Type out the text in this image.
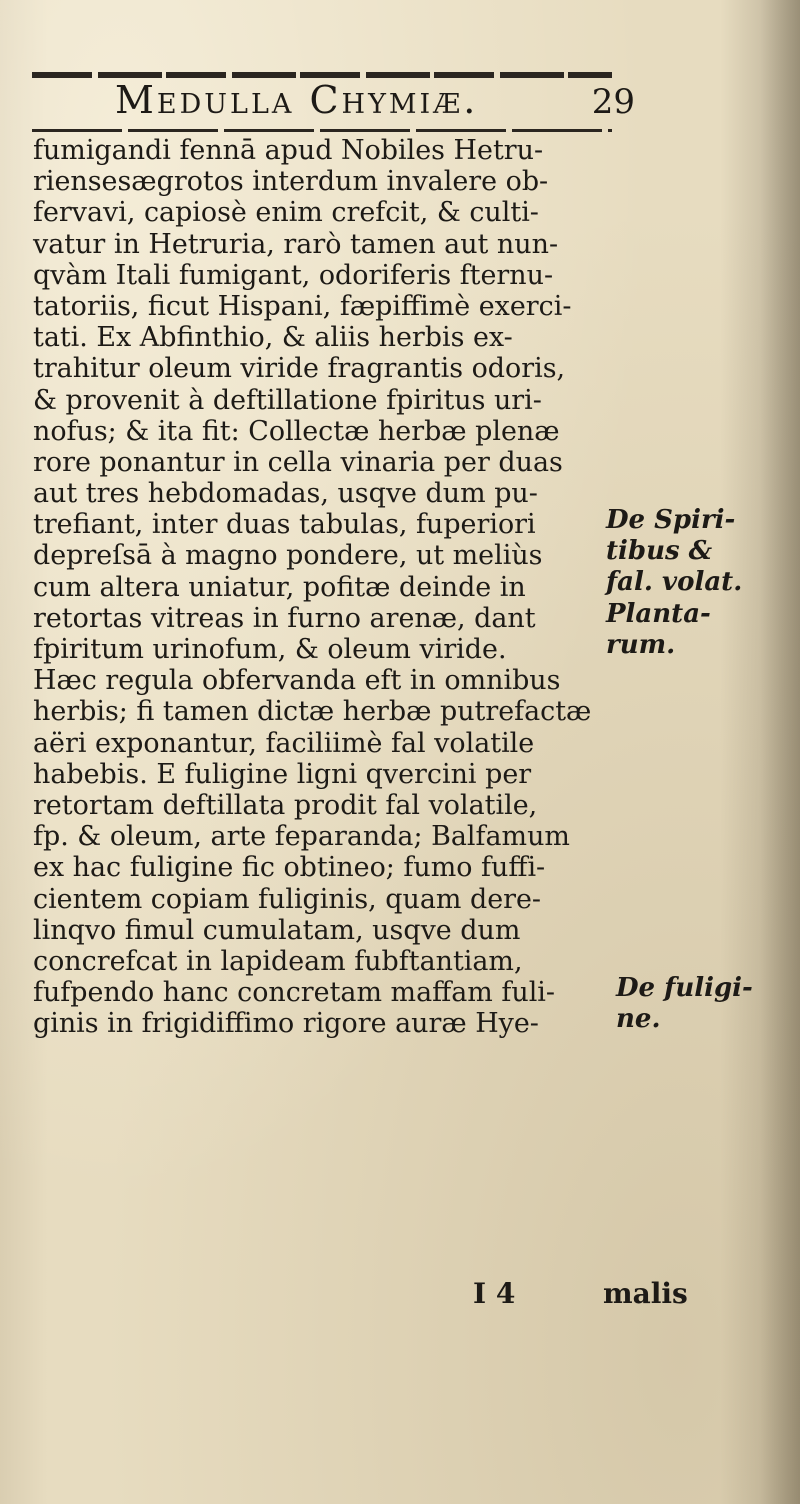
Medulla Chymiæ.	29
fumigandi fennā apud Nobiles Hetru-
riensesægrotos interdum invalere ob-
fervavi, capiosè enim crefcit, & culti-
vatur in Hetruria, rarò tamen aut nun-
qvàm Itali fumigant, odoriferis fternu-
tatoriis, ficut Hispani, fæpiffimè exerci-
tati. Ex Abfinthio, & aliis herbis ex-
trahitur oleum viride fragrantis odoris,
& provenit à deftillatione fpiritus uri-
nofus; & ita fit: Collectæ herbæ plenæ
rore ponantur in cella vinaria per duas
aut tres hebdomadas, usqve dum pu-
trefiant, inter duas tabulas, fuperiori
depreſsā à magno pondere, ut meliùs
cum altera uniatur, pofitæ deinde in
retortas vitreas in furno arenæ, dant
fpiritum urinofum, & oleum viride.
Hæc regula obfervanda eft in omnibus
herbis; fi tamen dictæ herbæ putrefactæ
aëri exponantur, faciliimè fal volatile
habebis. E fuligine ligni qvercini per
retortam deftillata prodit fal volatile,
fp. & oleum, arte feparanda; Balfamum
ex hac fuligine fic obtineo; fumo fuffi-
cientem copiam fuliginis, quam dere-
linqvo fimul cumulatam, usqve dum
concrefcat in lapideam fubftantiam,
fufpendo hanc concretam maffam fuli-
ginis in frigidiffimo rigore auræ Hye-
De Spiri-
tibus &
fal. volat.
Planta-
rum.
De fuligi-
ne.
I 4	malis
